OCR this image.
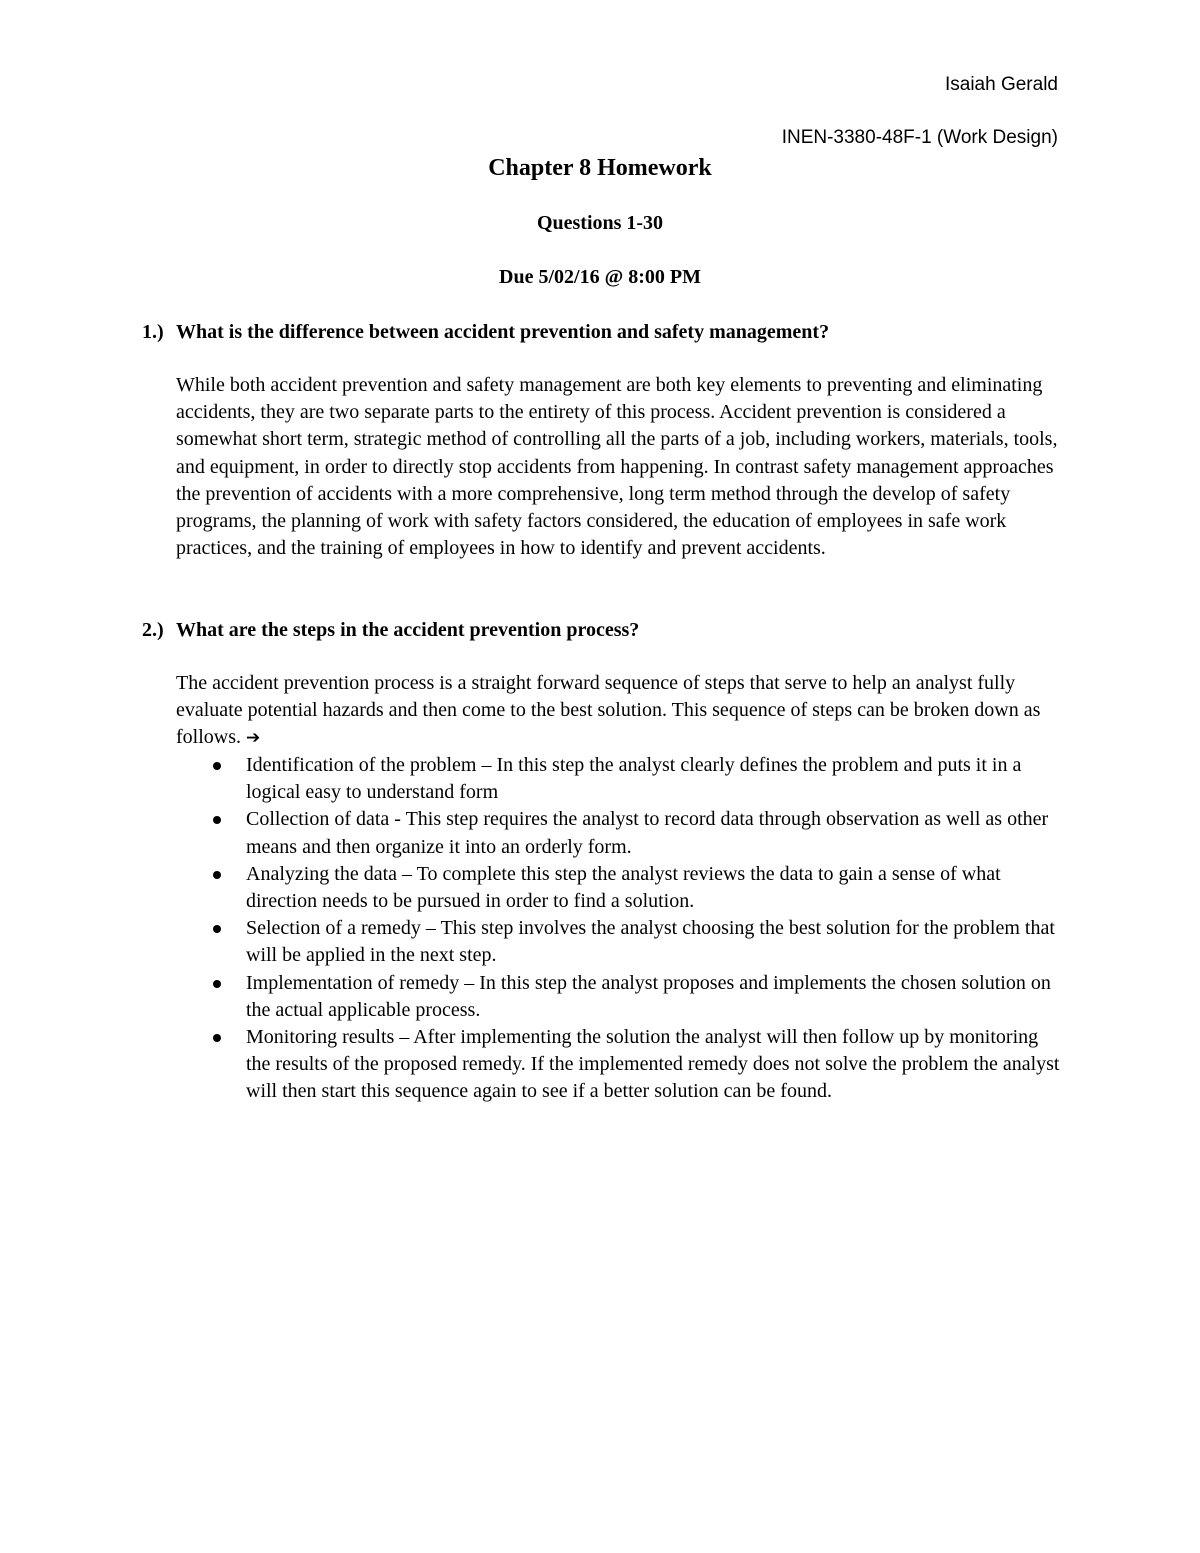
Isaiah Gerald
INEN-3380-48F-1 (Work Design)
Chapter 8 Homework
Questions 1-30
Due 5/02/16 @ 8:00 PM
1.) What is the difference between accident prevention and safety management?

While both accident prevention and safety management are both key elements to preventing and eliminating accidents, they are two separate parts to the entirety of this process. Accident prevention is considered a somewhat short term, strategic method of controlling all the parts of a job, including workers, materials, tools, and equipment, in order to directly stop accidents from happening. In contrast safety management approaches the prevention of accidents with a more comprehensive, long term method through the develop of safety programs, the planning of work with safety factors considered, the education of employees in safe work practices, and the training of employees in how to identify and prevent accidents.

2.) What are the steps in the accident prevention process?

The accident prevention process is a straight forward sequence of steps that serve to help an analyst fully evaluate potential hazards and then come to the best solution. This sequence of steps can be broken down as follows. ➔

Identification of the problem – In this step the analyst clearly defines the problem and puts it in a logical easy to understand form
Collection of data - This step requires the analyst to record data through observation as well as other means and then organize it into an orderly form.
Analyzing the data – To complete this step the analyst reviews the data to gain a sense of what direction needs to be pursued in order to find a solution.
Selection of a remedy – This step involves the analyst choosing the best solution for the problem that will be applied in the next step.
Implementation of remedy – In this step the analyst proposes and implements the chosen solution on the actual applicable process.
Monitoring results – After implementing the solution the analyst will then follow up by monitoring the results of the proposed remedy. If the implemented remedy does not solve the problem the analyst will then start this sequence again to see if a better solution can be found.
